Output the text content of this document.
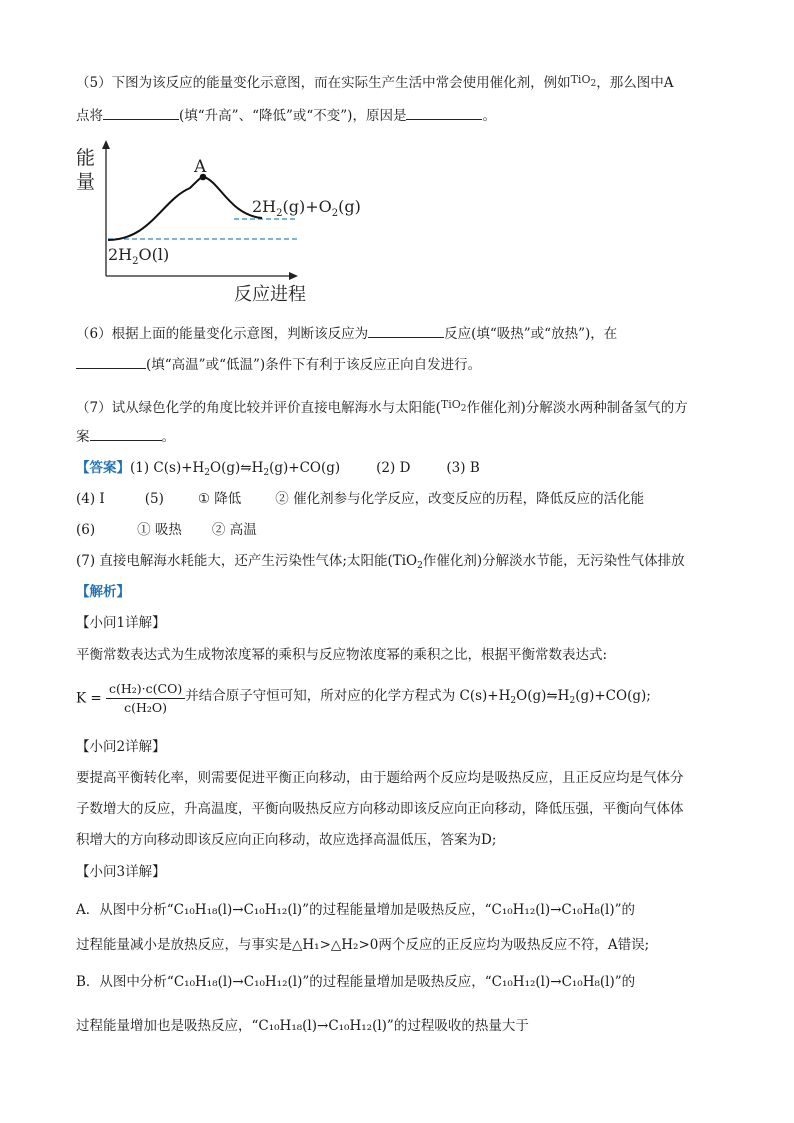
（5）下图为该反应的能量变化示意图，而在实际生产生活中常会使用催化剂，例如$^{TiO_2}$，那么图中A
点将	(填“升高”、“降低”或“不变”)，原因是	。
能
量
反应进程
A
$2H_2(g)+O_2(g)$
$2H_2O(l)$
（6）根据上面的能量变化示意图，判断该反应为	反应(填“吸热”或“放热”)，在
(填“高温”或“低温”)条件下有利于该反应正向自发进行。
（7）试从绿色化学的角度比较并评价直接电解海水与太阳能($^{TiO_2}$作催化剂)分解淡水两种制备氢气的方
案	。
【答案】(1) $C(s)+H_2O(g)⇋H_2(g)+CO(g)$	(2) D	(3) B
(4) I	(5)	① 降低	② 催化剂参与化学反应，改变反应的历程，降低反应的活化能
(6)	① 吸热 ② 高温
(7) 直接电解海水耗能大，还产生污染性气体;太阳能(TiO$_2$作催化剂)分解淡水节能，无污染性气体排放
【解析】
【小问1详解】
平衡常数表达式为生成物浓度幂的乘积与反应物浓度幂的乘积之比，根据平衡常数表达式:
$K = \frac{\text{c(H₂)·c(CO)}}{\text{c(H₂O)}}$ 并结合原子守恒可知，所对应的化学方程式为 $C(s)+H_2O(g)⇋H_2(g)+CO(g)$;
【小问2详解】
要提高平衡转化率，则需要促进平衡正向移动，由于题给两个反应均是吸热反应，且正反应均是气体分
子数增大的反应，升高温度，平衡向吸热反应方向移动即该反应向正向移动，降低压强，平衡向气体体
积增大的方向移动即该反应向正向移动，故应选择高温低压，答案为D;
【小问3详解】
A．从图中分析“C₁₀H₁₈(l)→C₁₀H₁₂(l)”的过程能量增加是吸热反应，“C₁₀H₁₂(l)→C₁₀H₈(l)”的
过程能量减小是放热反应，与事实是△H₁>△H₂>0两个反应的正反应均为吸热反应不符，A错误;
B．从图中分析“C₁₀H₁₈(l)→C₁₀H₁₂(l)”的过程能量增加是吸热反应，“C₁₀H₁₂(l)→C₁₀H₈(l)”的
过程能量增加也是吸热反应，“C₁₀H₁₈(l)→C₁₀H₁₂(l)”的过程吸收的热量大于
